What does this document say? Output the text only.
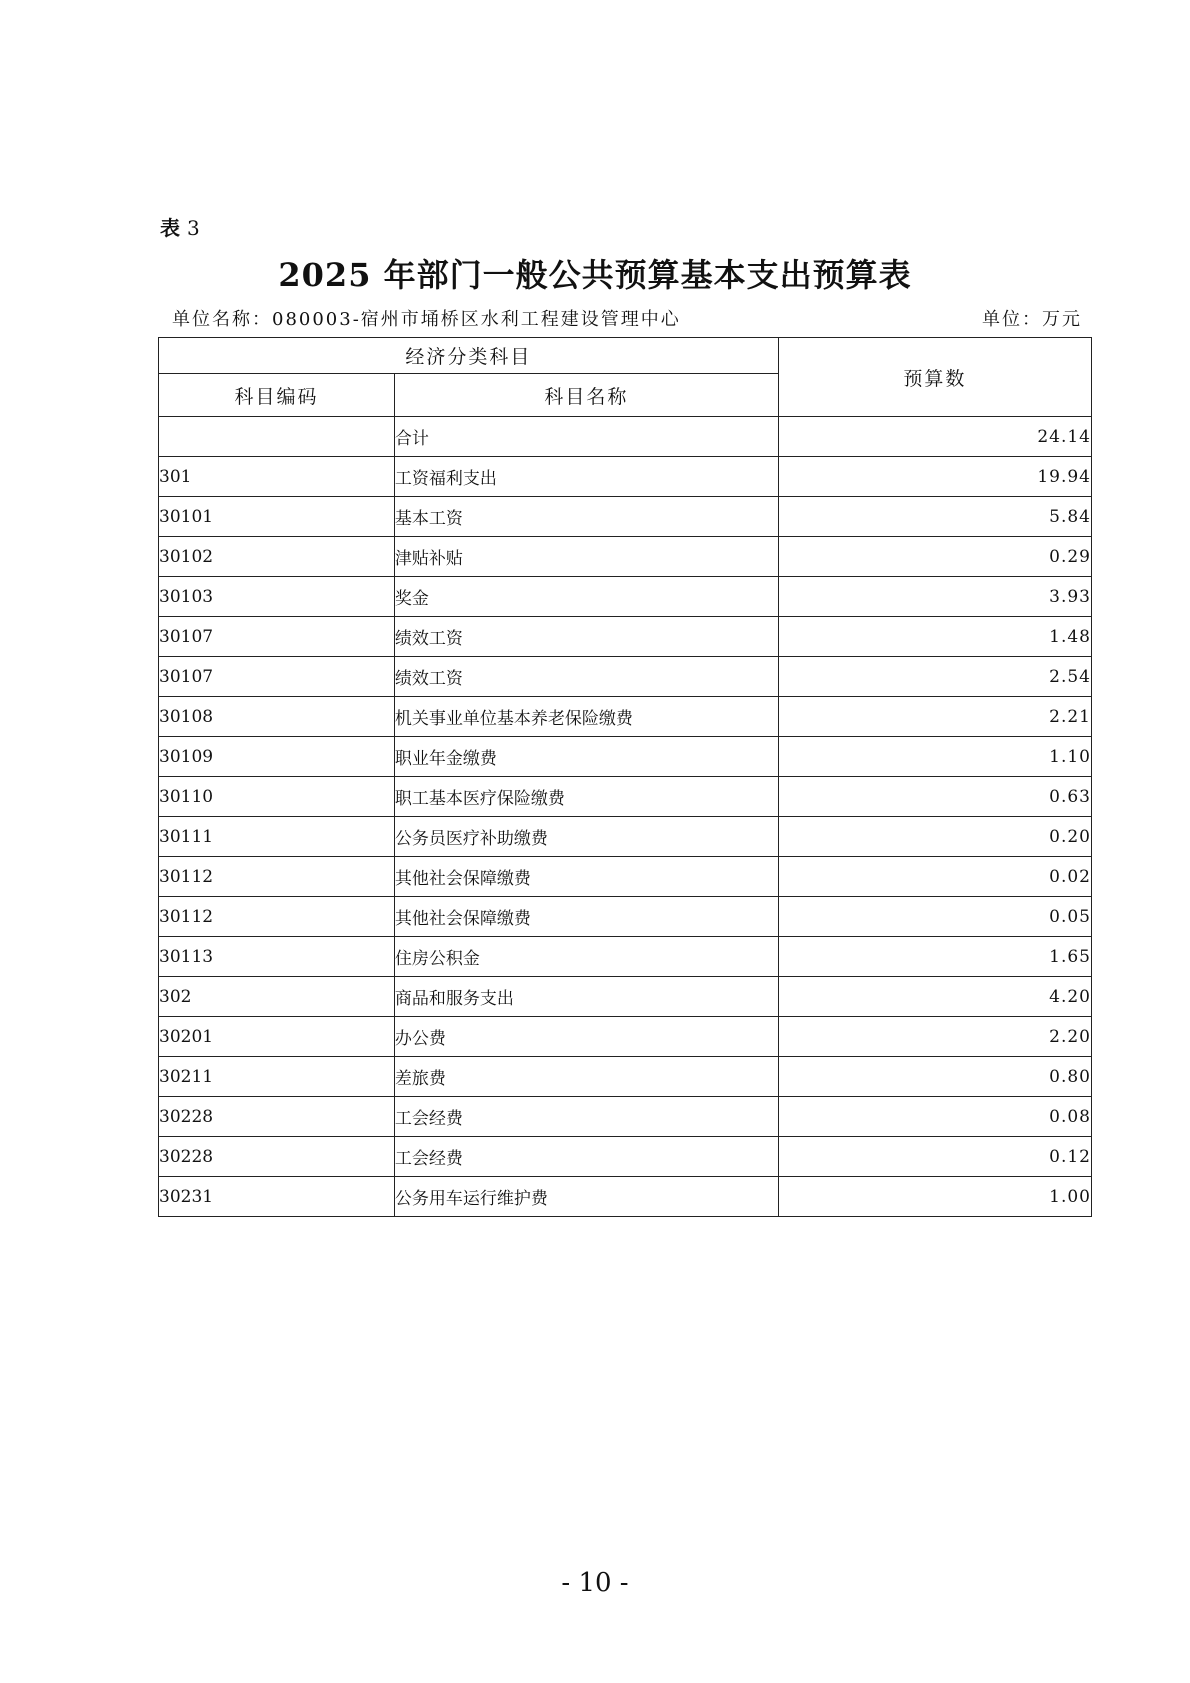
表 3
2025 年部门一般公共预算基本支出预算表
单位名称：080003-宿州市埇桥区水利工程建设管理中心	单位：万元
经济分类科目		预算数
科目编码	科目名称	
	合计	24.14
301	工资福利支出	19.94
30101	基本工资	5.84
30102	津贴补贴	0.29
30103	奖金	3.93
30107	绩效工资	1.48
30107	绩效工资	2.54
30108	机关事业单位基本养老保险缴费	2.21
30109	职业年金缴费	1.10
30110	职工基本医疗保险缴费	0.63
30111	公务员医疗补助缴费	0.20
30112	其他社会保障缴费	0.02
30112	其他社会保障缴费	0.05
30113	住房公积金	1.65
302	商品和服务支出	4.20
30201	办公费	2.20
30211	差旅费	0.80
30228	工会经费	0.08
30228	工会经费	0.12
30231	公务用车运行维护费	1.00
- 10 -
